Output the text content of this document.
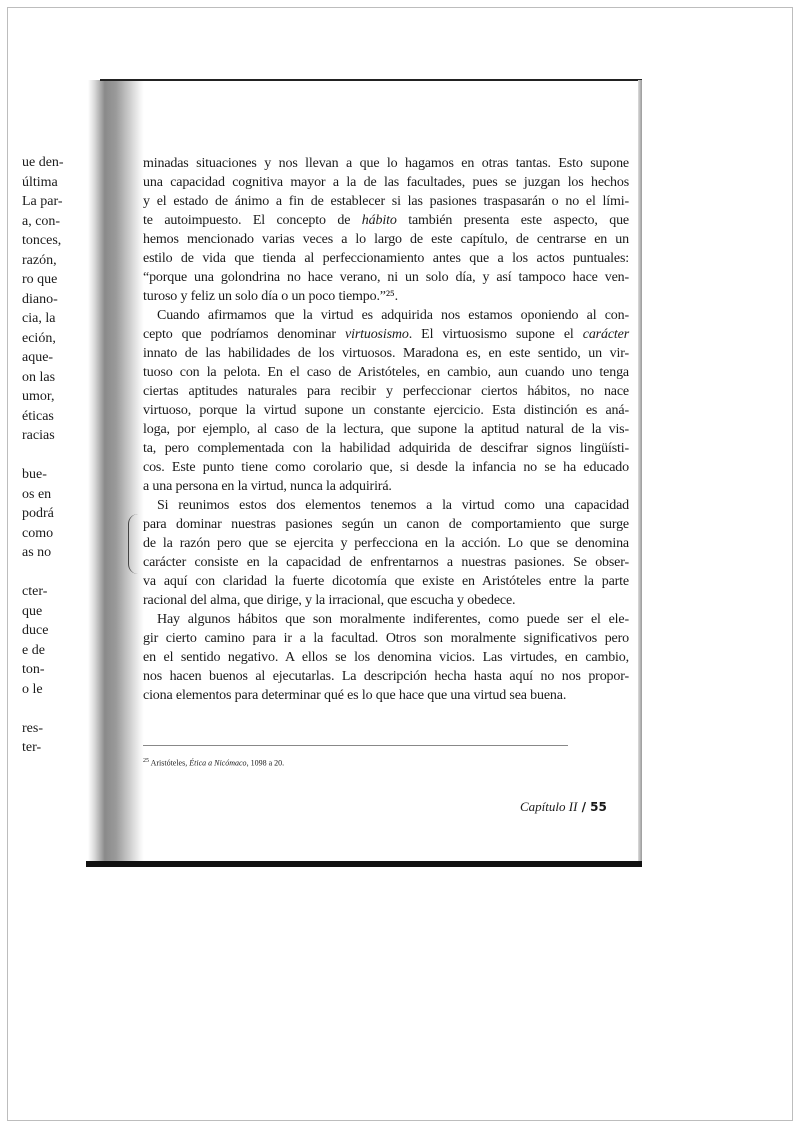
ue den-
última
La par-
a, con-
tonces,
razón,
ro que
diano-
cia, la
eción,
aque-
on las
umor,
éticas
racias
bue-
os en
podrá
como
as no
cter-
que
duce
e de
ton-
o le
res-
ter-
minadas situaciones y nos llevan a que lo hagamos en otras tantas. Esto supone
una capacidad cognitiva mayor a la de las facultades, pues se juzgan los hechos
y el estado de ánimo a fin de establecer si las pasiones traspasarán o no el lími-
te autoimpuesto. El concepto de hábito también presenta este aspecto, que
hemos mencionado varias veces a lo largo de este capítulo, de centrarse en un
estilo de vida que tienda al perfeccionamiento antes que a los actos puntuales:
“porque una golondrina no hace verano, ni un solo día, y así tampoco hace ven-
turoso y feliz un solo día o un poco tiempo.”²⁵.
Cuando afirmamos que la virtud es adquirida nos estamos oponiendo al con-
cepto que podríamos denominar virtuosismo. El virtuosismo supone el carácter
innato de las habilidades de los virtuosos. Maradona es, en este sentido, un vir-
tuoso con la pelota. En el caso de Aristóteles, en cambio, aun cuando uno tenga
ciertas aptitudes naturales para recibir y perfeccionar ciertos hábitos, no nace
virtuoso, porque la virtud supone un constante ejercicio. Esta distinción es aná-
loga, por ejemplo, al caso de la lectura, que supone la aptitud natural de la vis-
ta, pero complementada con la habilidad adquirida de descifrar signos lingüísti-
cos. Este punto tiene como corolario que, si desde la infancia no se ha educado
a una persona en la virtud, nunca la adquirirá.
Si reunimos estos dos elementos tenemos a la virtud como una capacidad
para dominar nuestras pasiones según un canon de comportamiento que surge
de la razón pero que se ejercita y perfecciona en la acción. Lo que se denomina
carácter consiste en la capacidad de enfrentarnos a nuestras pasiones. Se obser-
va aquí con claridad la fuerte dicotomía que existe en Aristóteles entre la parte
racional del alma, que dirige, y la irracional, que escucha y obedece.
Hay algunos hábitos que son moralmente indiferentes, como puede ser el ele-
gir cierto camino para ir a la facultad. Otros son moralmente significativos pero
en el sentido negativo. A ellos se los denomina vicios. Las virtudes, en cambio,
nos hacen buenos al ejecutarlas. La descripción hecha hasta aquí no nos propor-
ciona elementos para determinar qué es lo que hace que una virtud sea buena.
$^{25}$ Aristóteles, Ética a Nicómaco, 1098 a 20.
Capítulo II / 55
